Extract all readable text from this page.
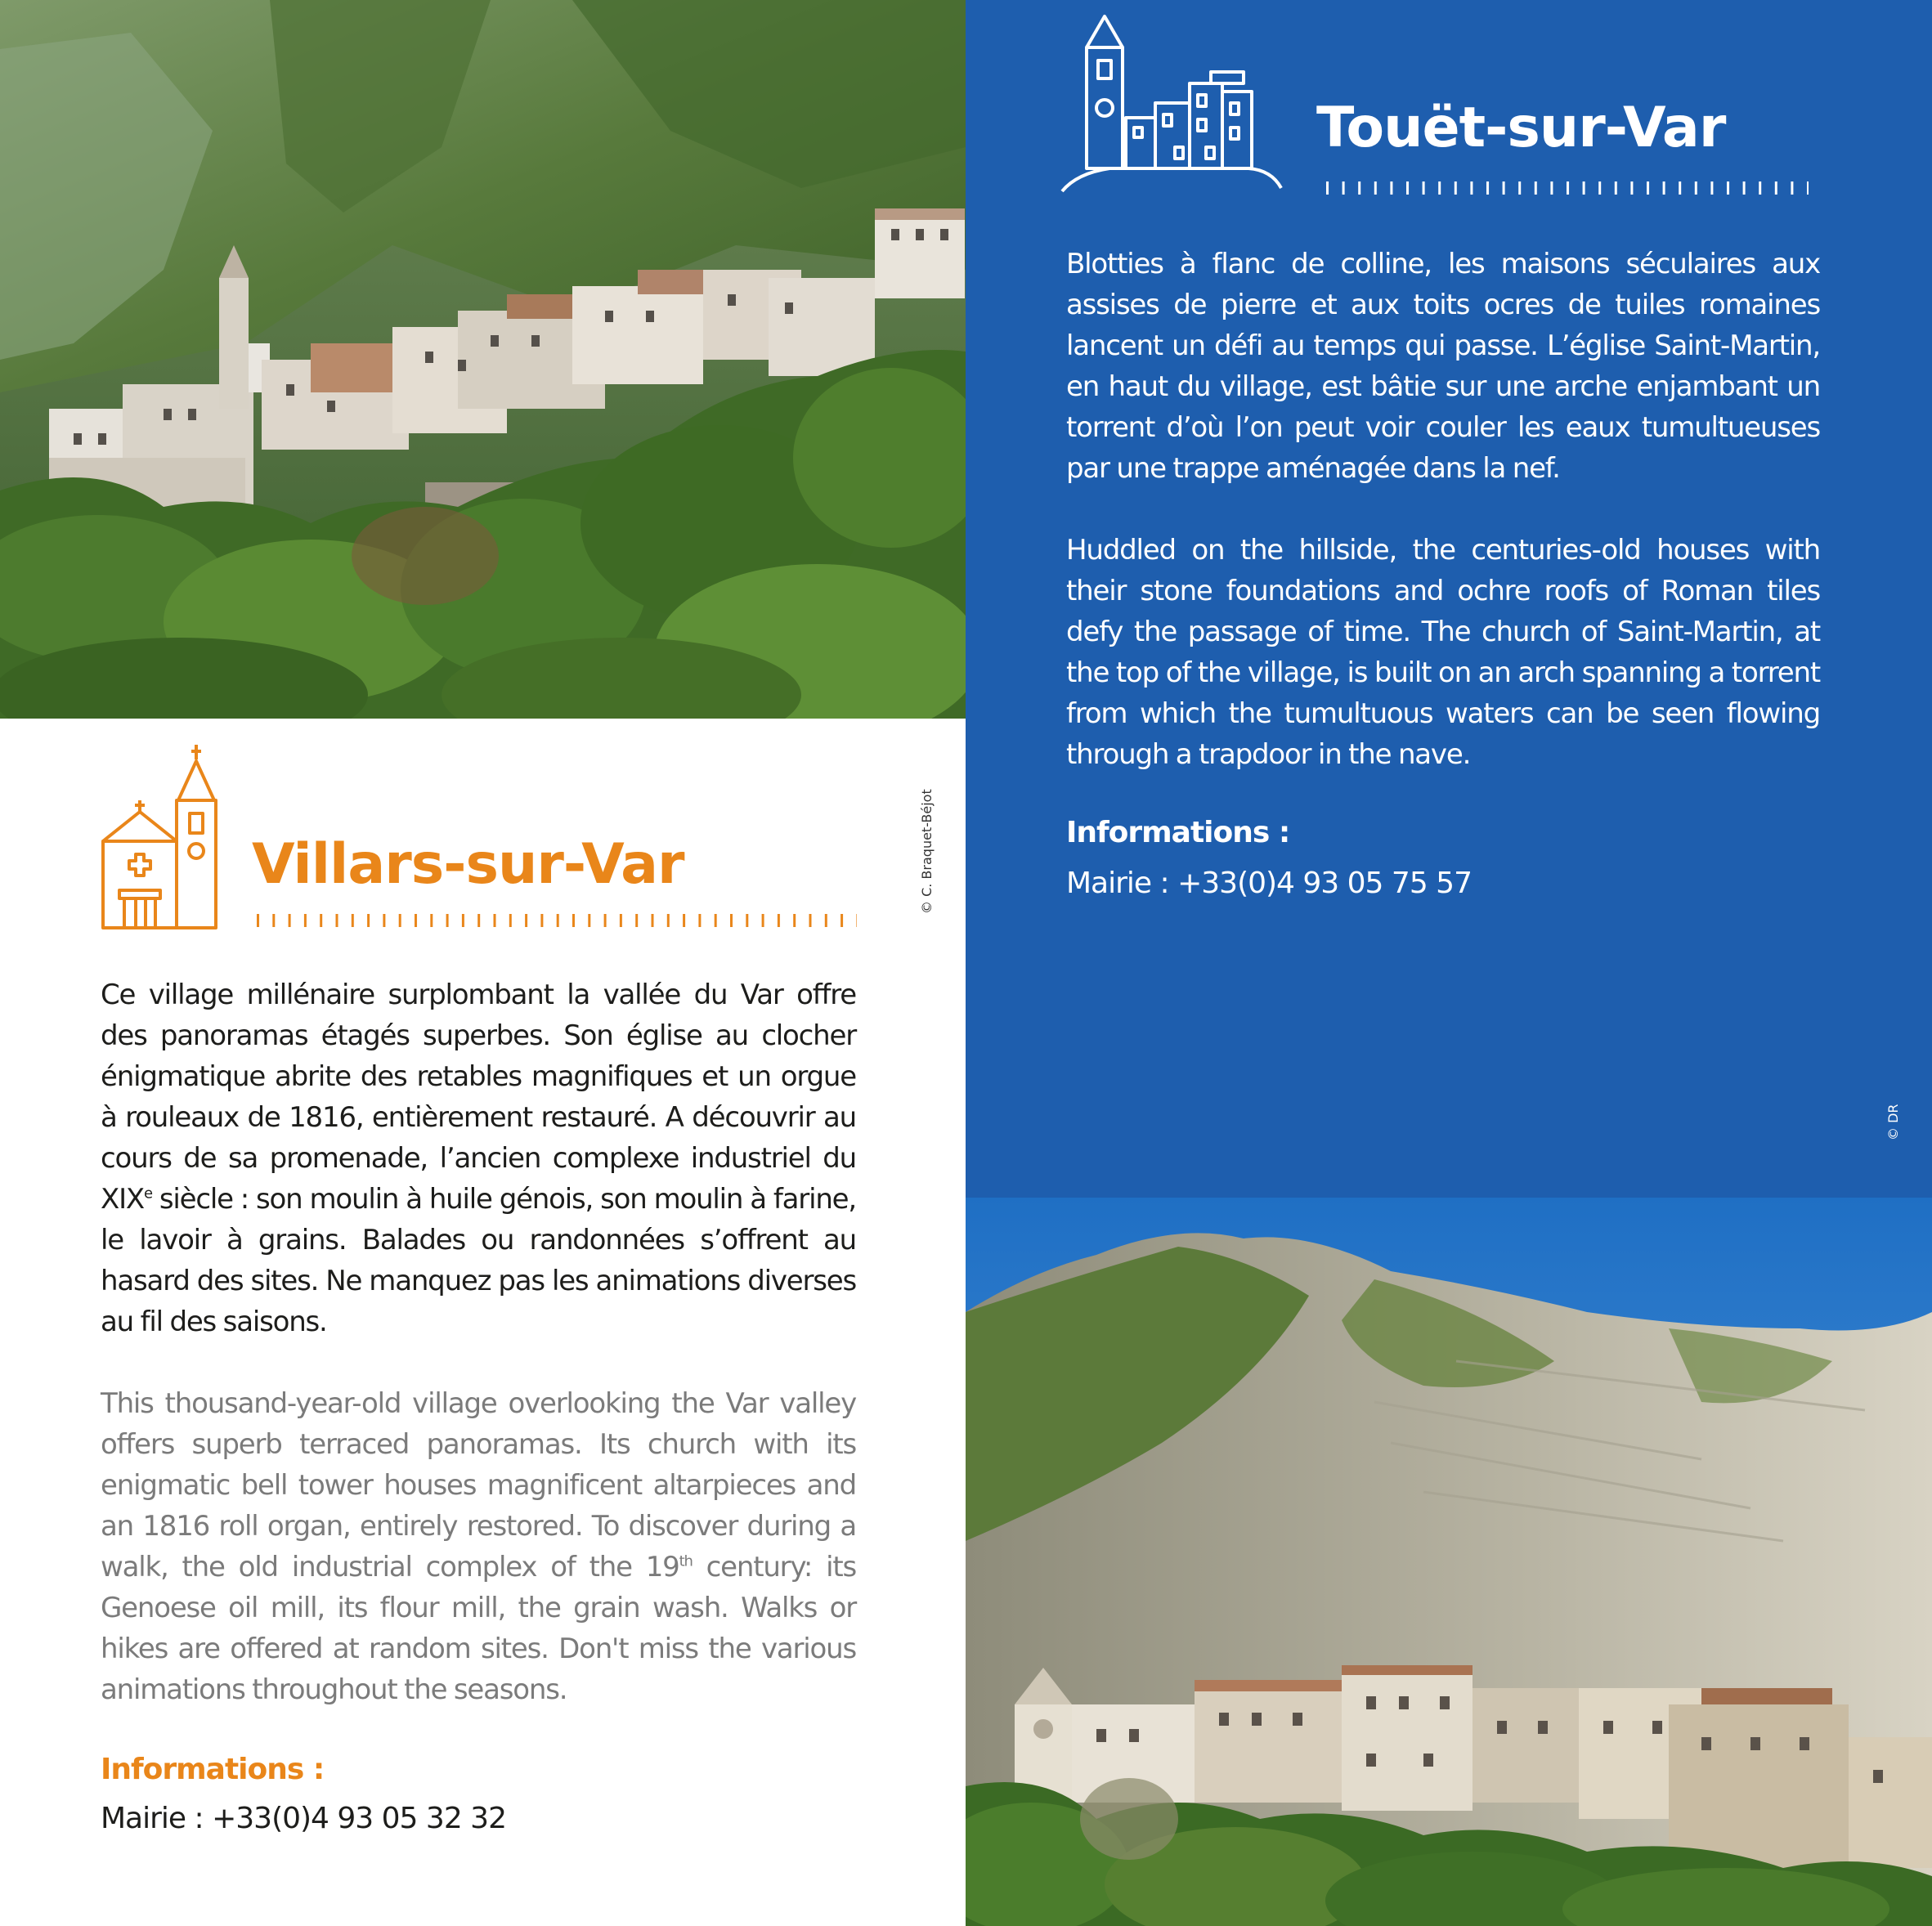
Villars-sur-Var	© C. Braquet-Béjot

Ce village millénaire surplombant la vallée du Var offre des panoramas étagés superbes. Son église au clocher énigmatique abrite des retables magnifiques et un orgue à rouleaux de 1816, entièrement restauré. A découvrir au cours de sa promenade, l’ancien complexe industriel du XIXe siècle : son moulin à huile génois, son moulin à farine, le lavoir à grains. Balades ou randonnées s’offrent au hasard des sites. Ne manquez pas les animations diverses au fil des saisons.

This thousand-year-old village overlooking the Var valley offers superb terraced panoramas. Its church with its enigmatic bell tower houses magnificent altarpieces and an 1816 roll organ, entirely restored. To discover during a walk, the old industrial complex of the 19th century: its Genoese oil mill, its flour mill, the grain wash. Walks or hikes are offered at random sites. Don't miss the various animations throughout the seasons.

Informations :
Mairie : +33(0)4 93 05 32 32
Touët-sur-Var

Blotties à flanc de colline, les maisons séculaires aux assises de pierre et aux toits ocres de tuiles romaines lancent un défi au temps qui passe. L’église Saint-Martin, en haut du village, est bâtie sur une arche enjambant un torrent d’où l’on peut voir couler les eaux tumultueuses par une trappe aménagée dans la nef.

Huddled on the hillside, the centuries-old houses with their stone foundations and ochre roofs of Roman tiles defy the passage of time. The church of Saint-Martin, at the top of the village, is built on an arch spanning a torrent from which the tumultuous waters can be seen flowing through a trapdoor in the nave.

Informations :
Mairie : +33(0)4 93 05 75 57
© DR
